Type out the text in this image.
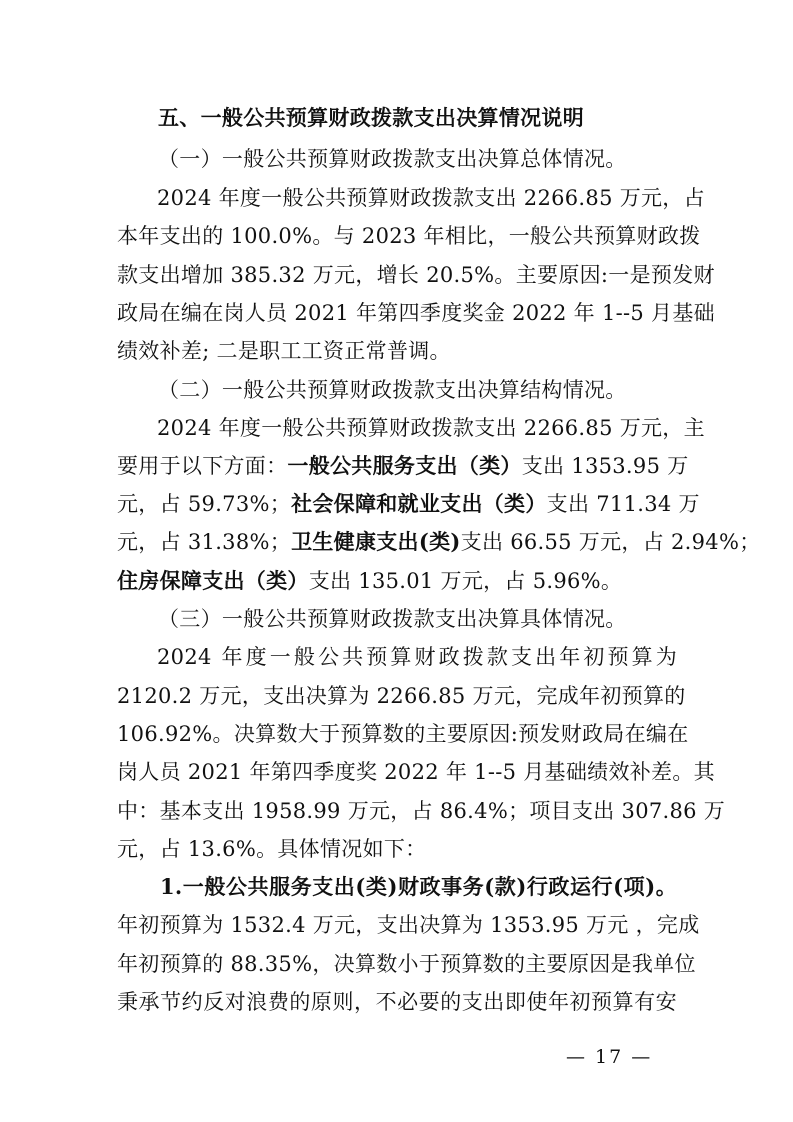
五、一般公共预算财政拨款支出决算情况说明
（一）一般公共预算财政拨款支出决算总体情况。
2024 年度一般公共预算财政拨款支出 2266.85 万元，占
本年支出的 100.0%。与 2023 年相比，一般公共预算财政拨
款支出增加 385.32 万元，增长 20.5%。主要原因:一是预发财
政局在编在岗人员 2021 年第四季度奖金 2022 年 1--5 月基础
绩效补差; 二是职工工资正常普调。
（二）一般公共预算财政拨款支出决算结构情况。
2024 年度一般公共预算财政拨款支出 2266.85 万元，主
要用于以下方面：一般公共服务支出（类）支出 1353.95 万
元，占 59.73%；社会保障和就业支出（类）支出 711.34 万
元，占 31.38%；卫生健康支出(类)支出 66.55 万元，占 2.94%；
住房保障支出（类）支出 135.01 万元，占 5.96%。
（三）一般公共预算财政拨款支出决算具体情况。
2024 年度一般公共预算财政拨款支出年初预算为
2120.2 万元，支出决算为 2266.85 万元，完成年初预算的
106.92%。决算数大于预算数的主要原因:预发财政局在编在
岗人员 2021 年第四季度奖 2022 年 1--5 月基础绩效补差。其
中：基本支出 1958.99 万元，占 86.4%；项目支出 307.86 万
元，占 13.6%。具体情况如下：
1.一般公共服务支出(类)财政事务(款)行政运行(项)。
年初预算为 1532.4 万元，支出决算为 1353.95 万元 ，完成
年初预算的 88.35%，决算数小于预算数的主要原因是我单位
秉承节约反对浪费的原则，不必要的支出即使年初预算有安
— 17 —
